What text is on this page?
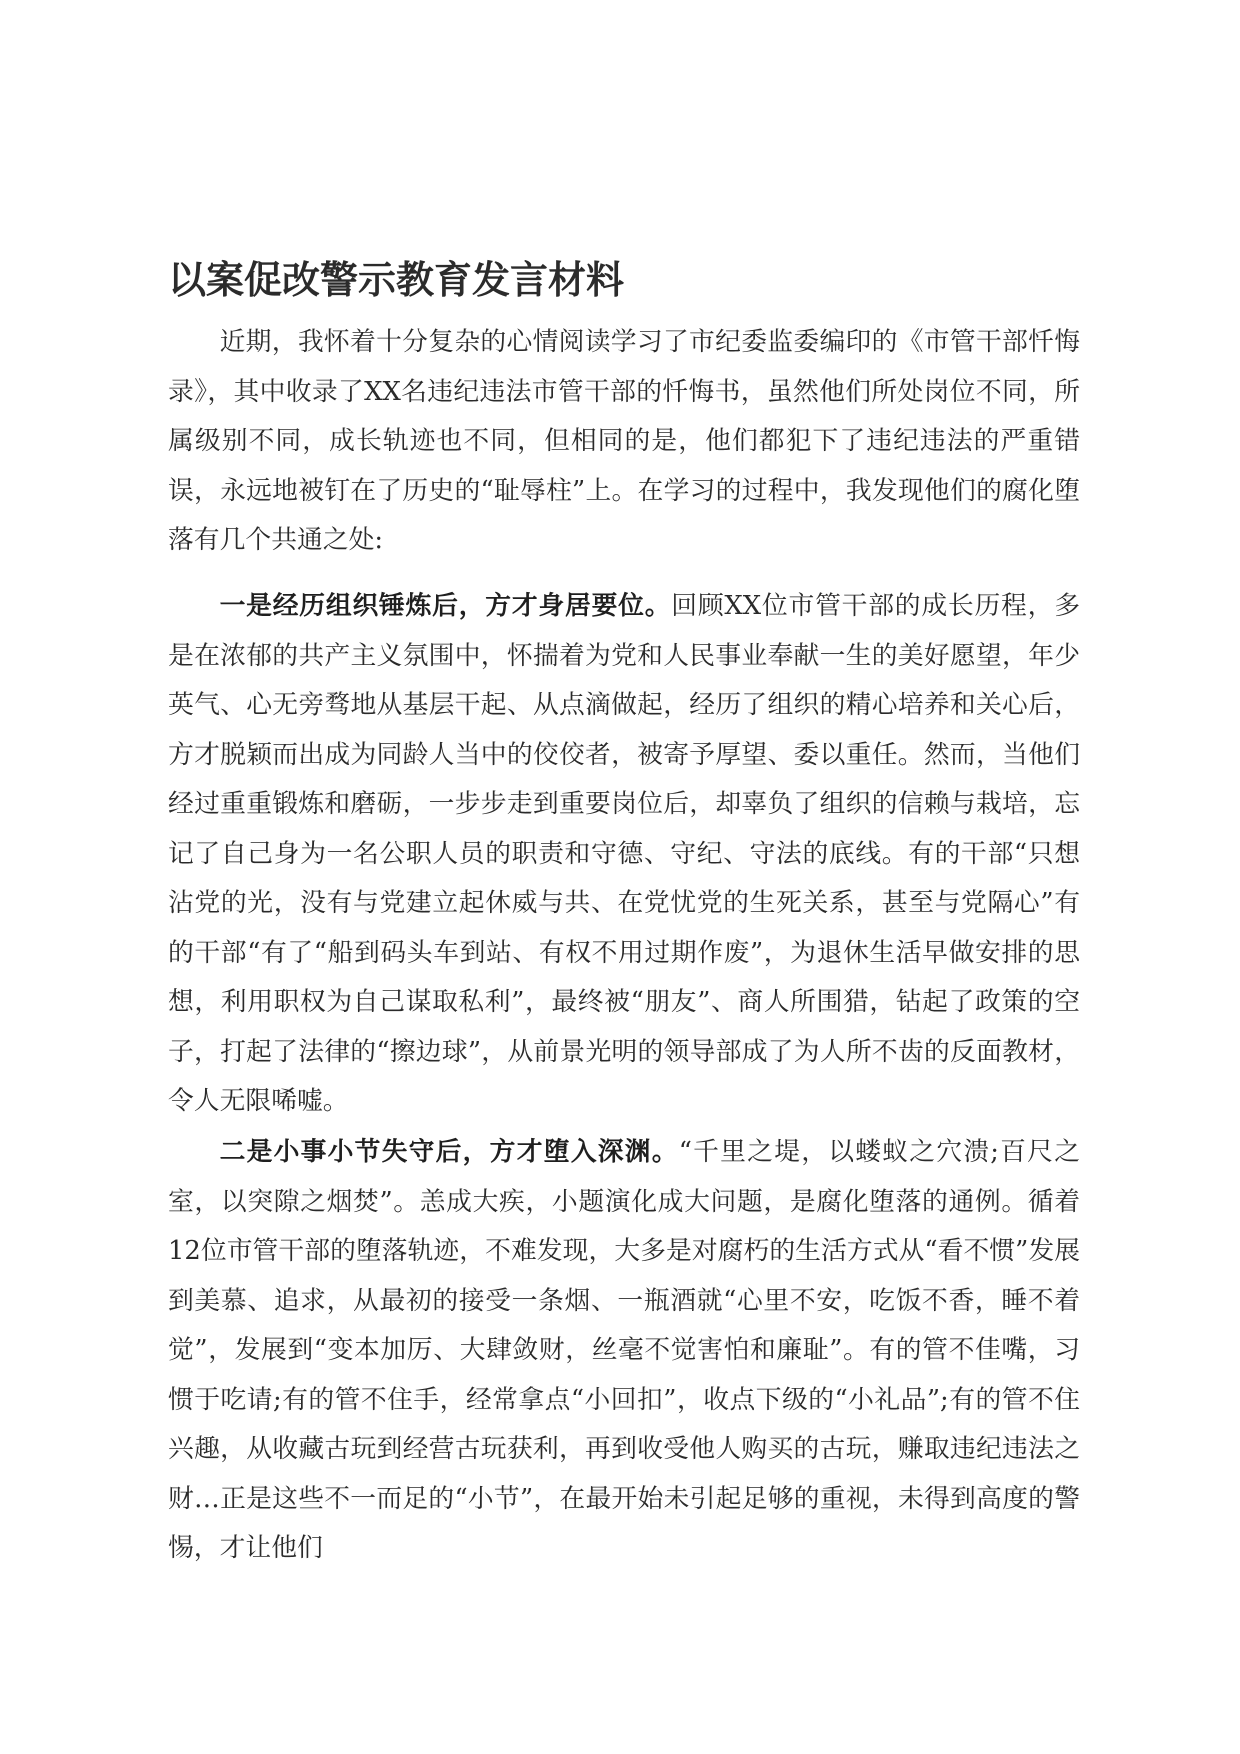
以案促改警示教育发言材料

近期，我怀着十分复杂的心情阅读学习了市纪委监委编印的《市管干部忏悔录》，其中收录了XX名违纪违法市管干部的忏悔书，虽然他们所处岗位不同，所属级别不同，成长轨迹也不同，但相同的是，他们都犯下了违纪违法的严重错误，永远地被钉在了历史的“耻辱柱”上。在学习的过程中，我发现他们的腐化堕落有几个共通之处:

一是经历组织锤炼后，方才身居要位。回顾XX位市管干部的成长历程，多是在浓郁的共产主义氛围中，怀揣着为党和人民事业奉献一生的美好愿望，年少英气、心无旁骛地从基层干起、从点滴做起，经历了组织的精心培养和关心后，方才脱颖而出成为同龄人当中的佼佼者，被寄予厚望、委以重任。然而，当他们经过重重锻炼和磨砺，一步步走到重要岗位后，却辜负了组织的信赖与栽培，忘记了自己身为一名公职人员的职责和守德、守纪、守法的底线。有的干部“只想沾党的光，没有与党建立起休威与共、在党忧党的生死关系，甚至与党隔心”有的干部“有了“船到码头车到站、有权不用过期作废”，为退休生活早做安排的思想，利用职权为自己谋取私利”，最终被“朋友”、商人所围猎，钻起了政策的空子，打起了法律的“擦边球”，从前景光明的领导部成了为人所不齿的反面教材，令人无限唏嘘。

二是小事小节失守后，方才堕入深渊。“千里之堤，以蝼蚁之穴溃;百尺之室，以突隙之烟焚”。恙成大疾，小题演化成大问题，是腐化堕落的通例。循着12位市管干部的堕落轨迹，不难发现，大多是对腐朽的生活方式从“看不惯”发展到美慕、追求，从最初的接受一条烟、一瓶酒就“心里不安，吃饭不香，睡不着觉”，发展到“变本加厉、大肆敛财，丝毫不觉害怕和廉耻”。有的管不佳嘴，习惯于吃请;有的管不住手，经常拿点“小回扣”，收点下级的“小礼品”;有的管不住兴趣，从收藏古玩到经营古玩获利，再到收受他人购买的古玩，赚取违纪违法之财…正是这些不一而足的“小节”，在最开始未引起足够的重视，未得到高度的警惕，才让他们
